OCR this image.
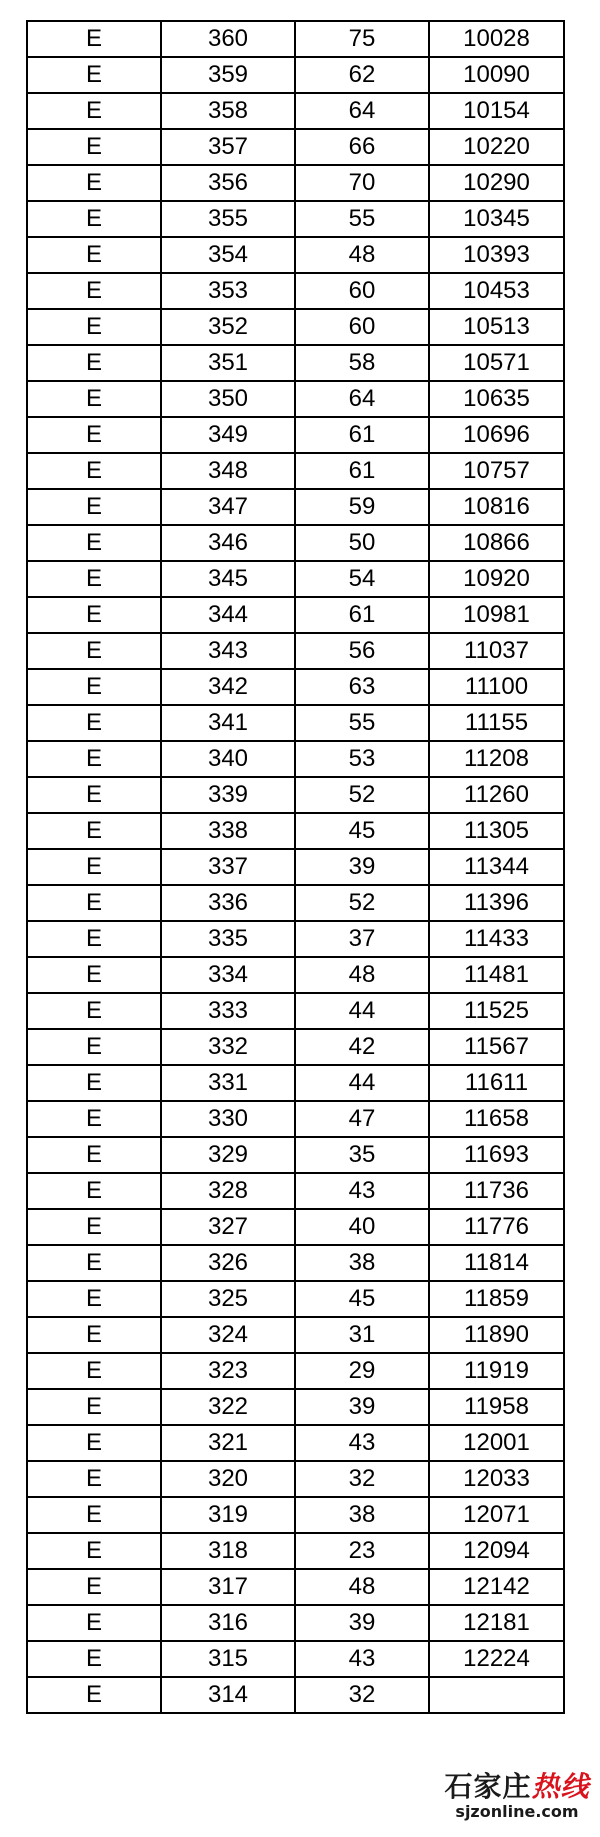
E	360	75	10028
E	359	62	10090
E	358	64	10154
E	357	66	10220
E	356	70	10290
E	355	55	10345
E	354	48	10393
E	353	60	10453
E	352	60	10513
E	351	58	10571
E	350	64	10635
E	349	61	10696
E	348	61	10757
E	347	59	10816
E	346	50	10866
E	345	54	10920
E	344	61	10981
E	343	56	11037
E	342	63	11100
E	341	55	11155
E	340	53	11208
E	339	52	11260
E	338	45	11305
E	337	39	11344
E	336	52	11396
E	335	37	11433
E	334	48	11481
E	333	44	11525
E	332	42	11567
E	331	44	11611
E	330	47	11658
E	329	35	11693
E	328	43	11736
E	327	40	11776
E	326	38	11814
E	325	45	11859
E	324	31	11890
E	323	29	11919
E	322	39	11958
E	321	43	12001
E	320	32	12033
E	319	38	12071
E	318	23	12094
E	317	48	12142
E	316	39	12181
E	315	43	12224
E	314	32	
石家庄热线
sjzonline.com
